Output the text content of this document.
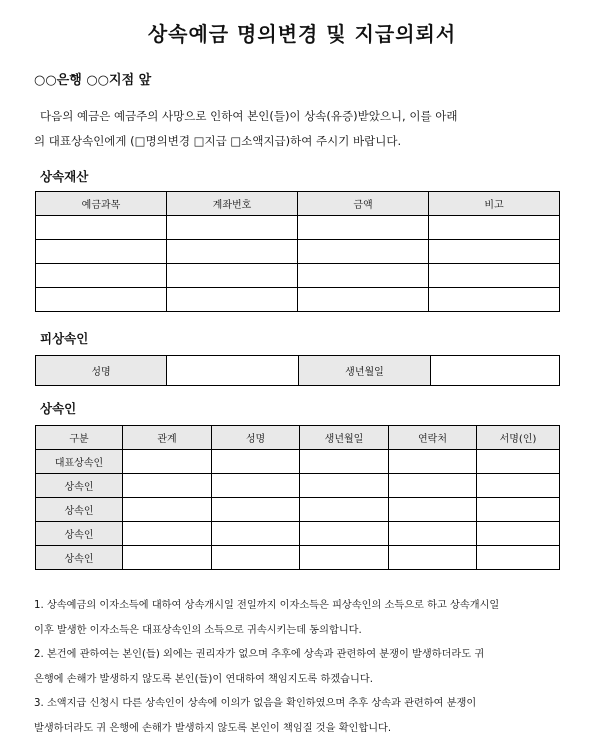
상속예금 명의변경 및 지급의뢰서
○○은행 ○○지점 앞
다음의 예금은 예금주의 사망으로 인하여 본인(들)이 상속(유증)받았으니, 이를 아래
의 대표상속인에게 (□명의변경 □지급 □소액지급)하여 주시기 바랍니다.
상속재산
예금과목	계좌번호	금액	비고

피상속인
성명		생년월일	
상속인
구분	관계	성명	생년월일	연락처	서명(인)
대표상속인					
상속인					
상속인					
상속인					
상속인					
1. 상속예금의 이자소득에 대하여 상속개시일 전일까지 이자소득은 피상속인의 소득으로 하고 상속개시일
이후 발생한 이자소득은 대표상속인의 소득으로 귀속시키는데 동의합니다.
2. 본건에 관하여는 본인(들) 외에는 권리자가 없으며 추후에 상속과 관련하여 분쟁이 발생하더라도 귀
은행에 손해가 발생하지 않도록 본인(들)이 연대하여 책임지도록 하겠습니다.
3. 소액지급 신청시 다른 상속인이 상속에 이의가 없음을 확인하였으며 추후 상속과 관련하여 분쟁이
발생하더라도 귀 은행에 손해가 발생하지 않도록 본인이 책임질 것을 확인합니다.
